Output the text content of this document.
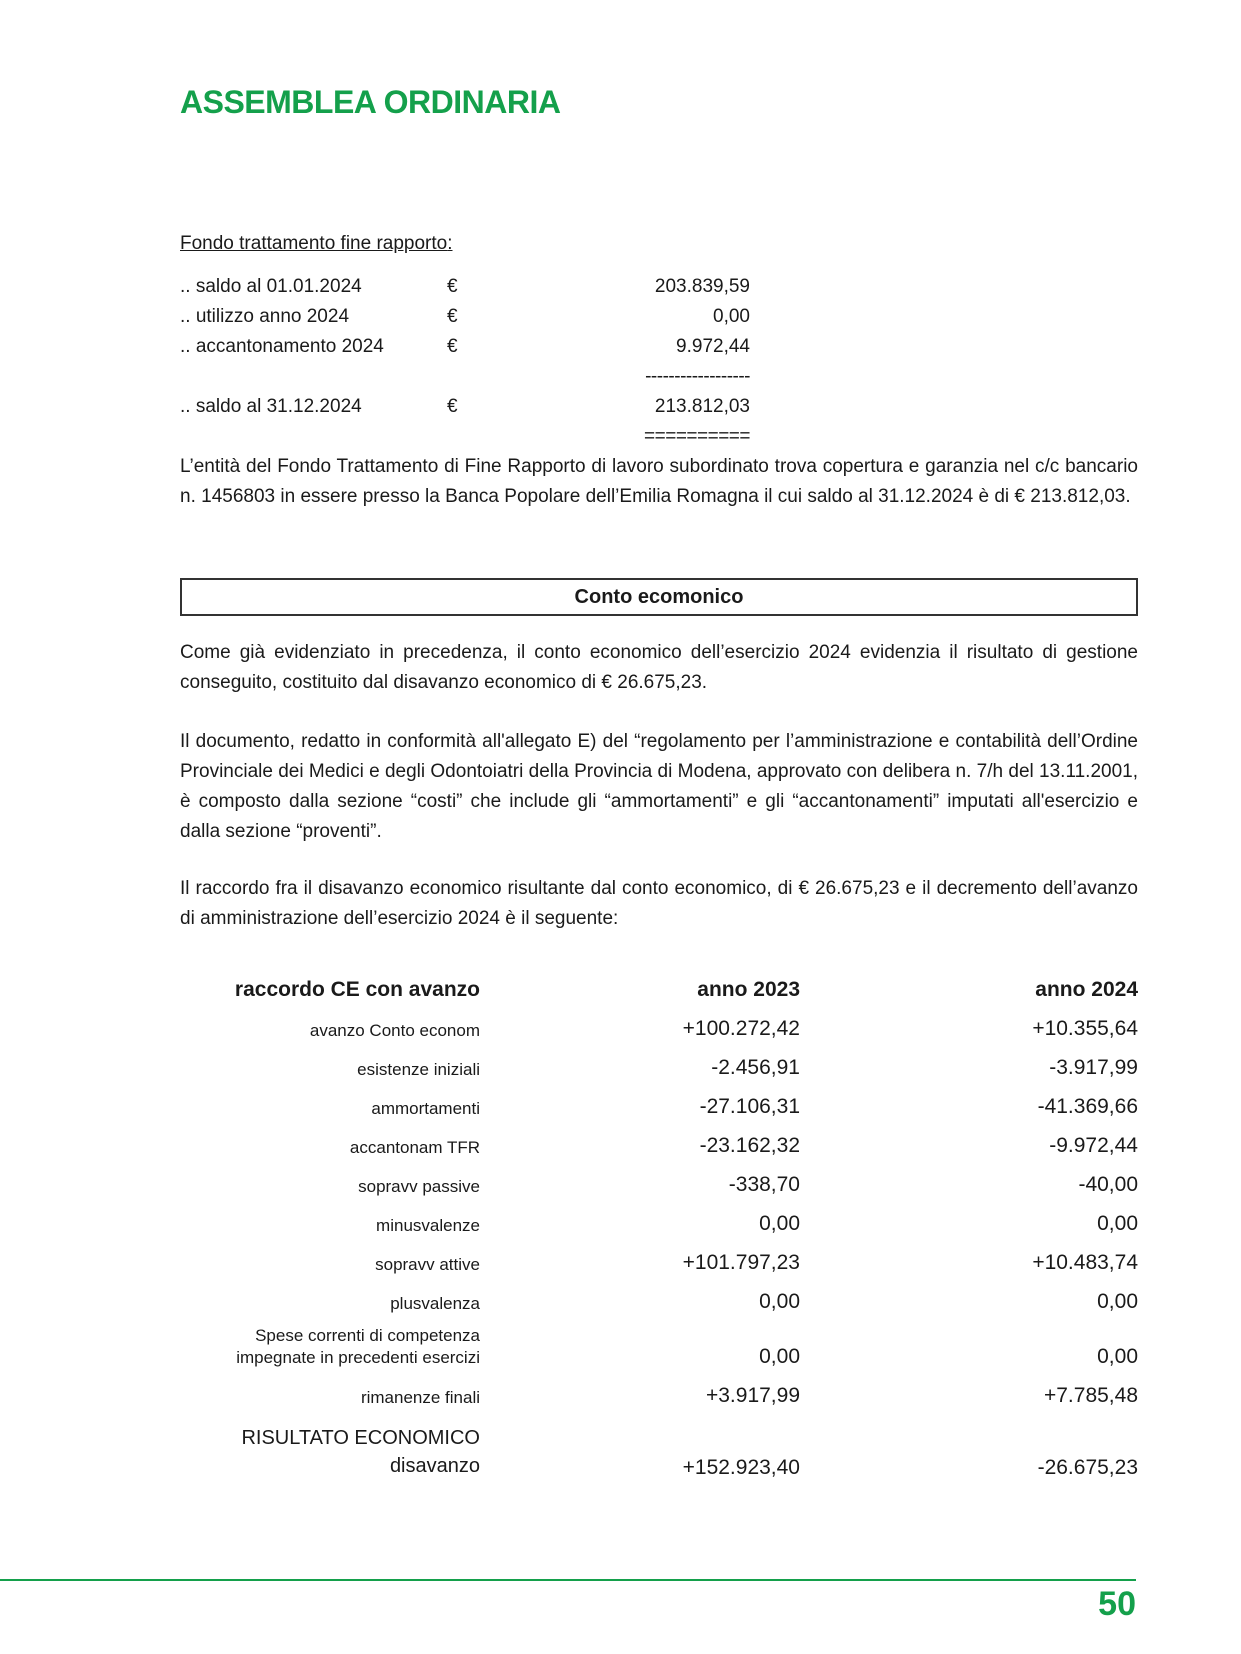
ASSEMBLEA ORDINARIA
Fondo trattamento fine rapporto:
.. saldo al 01.01.2024	€	203.839,59
.. utilizzo anno 2024	€	0,00
.. accantonamento 2024	€	9.972,44
------------------
.. saldo al 31.12.2024	€	213.812,03
==========

L’entità del Fondo Trattamento di Fine Rapporto di lavoro subordinato trova copertura e garanzia nel c/c bancario n. 1456803 in essere presso la Banca Popolare dell’Emilia Romagna il cui saldo al 31.12.2024 è di € 213.812,03.

Conto ecomonico

Come già evidenziato in precedenza, il conto economico dell’esercizio 2024 evidenzia il risultato di gestione conseguito, costituito dal disavanzo economico di € 26.675,23.

Il documento, redatto in conformità all'allegato E) del “regolamento per l’amministrazione e contabilità dell’Ordine Provinciale dei Medici e degli Odontoiatri della Provincia di Modena, approvato con delibera n. 7/h del 13.11.2001, è composto dalla sezione “costi” che include gli “ammortamenti” e gli “accantonamenti” imputati all'esercizio e dalla sezione “proventi”.

Il raccordo fra il disavanzo economico risultante dal conto economico, di € 26.675,23 e il decremento dell’avanzo di amministrazione dell’esercizio 2024 è il seguente:

raccordo CE con avanzo	anno 2023	anno 2024
avanzo Conto econom	+100.272,42	+10.355,64
esistenze iniziali	-2.456,91	-3.917,99
ammortamenti	-27.106,31	-41.369,66
accantonam TFR	-23.162,32	-9.972,44
sopravv passive	-338,70	-40,00
minusvalenze	0,00	0,00
sopravv attive	+101.797,23	+10.483,74
plusvalenza	0,00	0,00

Spese correnti di competenza
impegnate in precedenti esercizi	0,00	0,00
rimanenze finali	+3.917,99	+7.785,48

RISULTATO ECONOMICO
disavanzo	+152.923,40	-26.675,23
50
